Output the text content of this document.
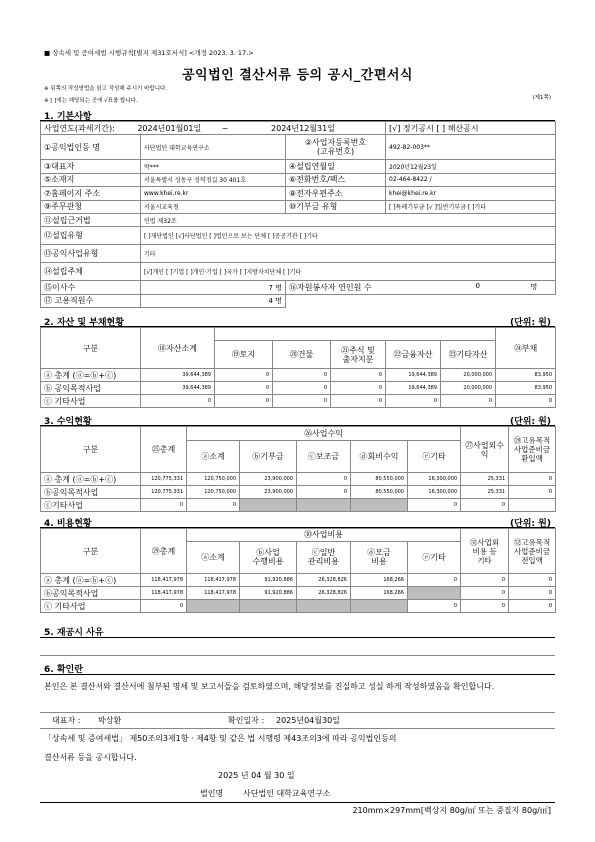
■ 상속세 및 증여세법 시행규칙[별지 제31호서식] <개정 2023. 3. 17.>
공익법인 결산서류 등의 공시_간편서식
※ 뒤쪽의 작성방법을 읽고 작성해 주시기 바랍니다.
※ [ ]에는 해당되는 곳에 √표를 합니다.	(제1쪽)
1. 기본사항
사업연도(과세기간): 2024년01월01일 ~ 2024년12월31일			[√] 정기공시 [ ] 해산공시
①공익법인등 명	사단법인 대학교육연구소	②사업자등록번호
(고유번호)	492-82-003**
③대표자	박***	④설립연월일	2020년12월23일
⑤소재지	서울특별시 성동구 성덕정길 30 401호	⑥전화번호/팩스	02-464-8422 /
⑦홈페이지 주소	www.khei.re.kr	⑧전자우편주소	khei@khei.re.kr
⑨주무관청	서울시교육청	⑩기부금 유형	[ ]특례기부금 [√ ]일반기부금 [ ]기타
⑪설립근거법	민법 제32조		
⑫설립유형	[ ]재단법인 [√]사단법인 [ ]법인으로 보는 단체 [ ]공공기관 [ ]기타		
⑬공익사업유형	기타		
⑭설립주체	[√]개인 [ ]기업 [ ]개인·기업 [ ]국가 [ ]지방자치단체 [ ]기타		
⑮이사수	7 명	⑯자원봉사자 연인원 수 0 명	

⑰ 고용직원수	4 명		
2. 자산 및 부채현황	(단위: 원)
구분	⑱자산소계						㉔부채
		⑲토지	⑳건물	㉑주식 및
출자지분	㉒금융자산	㉓기타자산	
ⓐ 총계 (ⓐ=ⓑ+ⓒ)	39,644,389	0	0	0	19,644,389	20,000,000	83,950
ⓑ 공익목적사업	39,644,389	0	0	0	19,644,389	20,000,000	83,950
ⓒ 기타사업	0	0	0	0	0	0	0
3. 수익현황	(단위: 원)
구분	㉕총계	㉖사업수익					㉗사업외수익	㉘고유목적
사업준비금
환입액
		ⓐ소계	ⓑ기부금	ⓒ보조금	ⓓ회비수익	ⓔ기타		
ⓐ 총계 (ⓐ=ⓑ+ⓒ)	120,775,331	120,750,000	23,900,000	0	80,550,000	16,300,000	25,331	0
ⓑ공익목적사업	120,775,331	120,750,000	23,900,000	0	80,550,000	16,300,000	25,331	0
ⓒ기타사업	0	0				0	0	
4. 비용현황	(단위: 원)
구분	㉙총계	㉚사업비용					㉛사업외
비용 등
기타	㉜고유목적
사업준비금
전입액
		ⓐ소계	ⓑ사업
수행비용	ⓒ일반
관리비용	ⓓ모금
비용	ⓔ기타		
ⓐ 총계 (ⓐ=ⓑ+ⓒ)	118,417,978	118,417,978	91,920,886	26,328,826	168,266	0	0	0
ⓑ공익목적사업	118,417,978	118,417,978	91,920,886	26,328,826	168,266		0	0
ⓒ 기타사업	0					0	0	0
5. 재공시 사유
6. 확인란
본인은 본 결산서와 결산서에 첨부된 명세 및 보고서들을 검토하였으며, 해당정보를 진실하고 성실 하게 작성하였음을 확인합니다.
대표자 : 박상환	확인일자 : 2025년04월30일
「상속세 및 증여세법」 제50조의3제1항 · 제4항 및 같은 법 시행령 제43조의3에 따라 공익법인등의
결산서류 등을 공시합니다.
2025 년 04 월 30 일
법인명 사단법인 대학교육연구소
210mm×297mm[백상지 80g/㎡ 또는 중질지 80g/㎡]
